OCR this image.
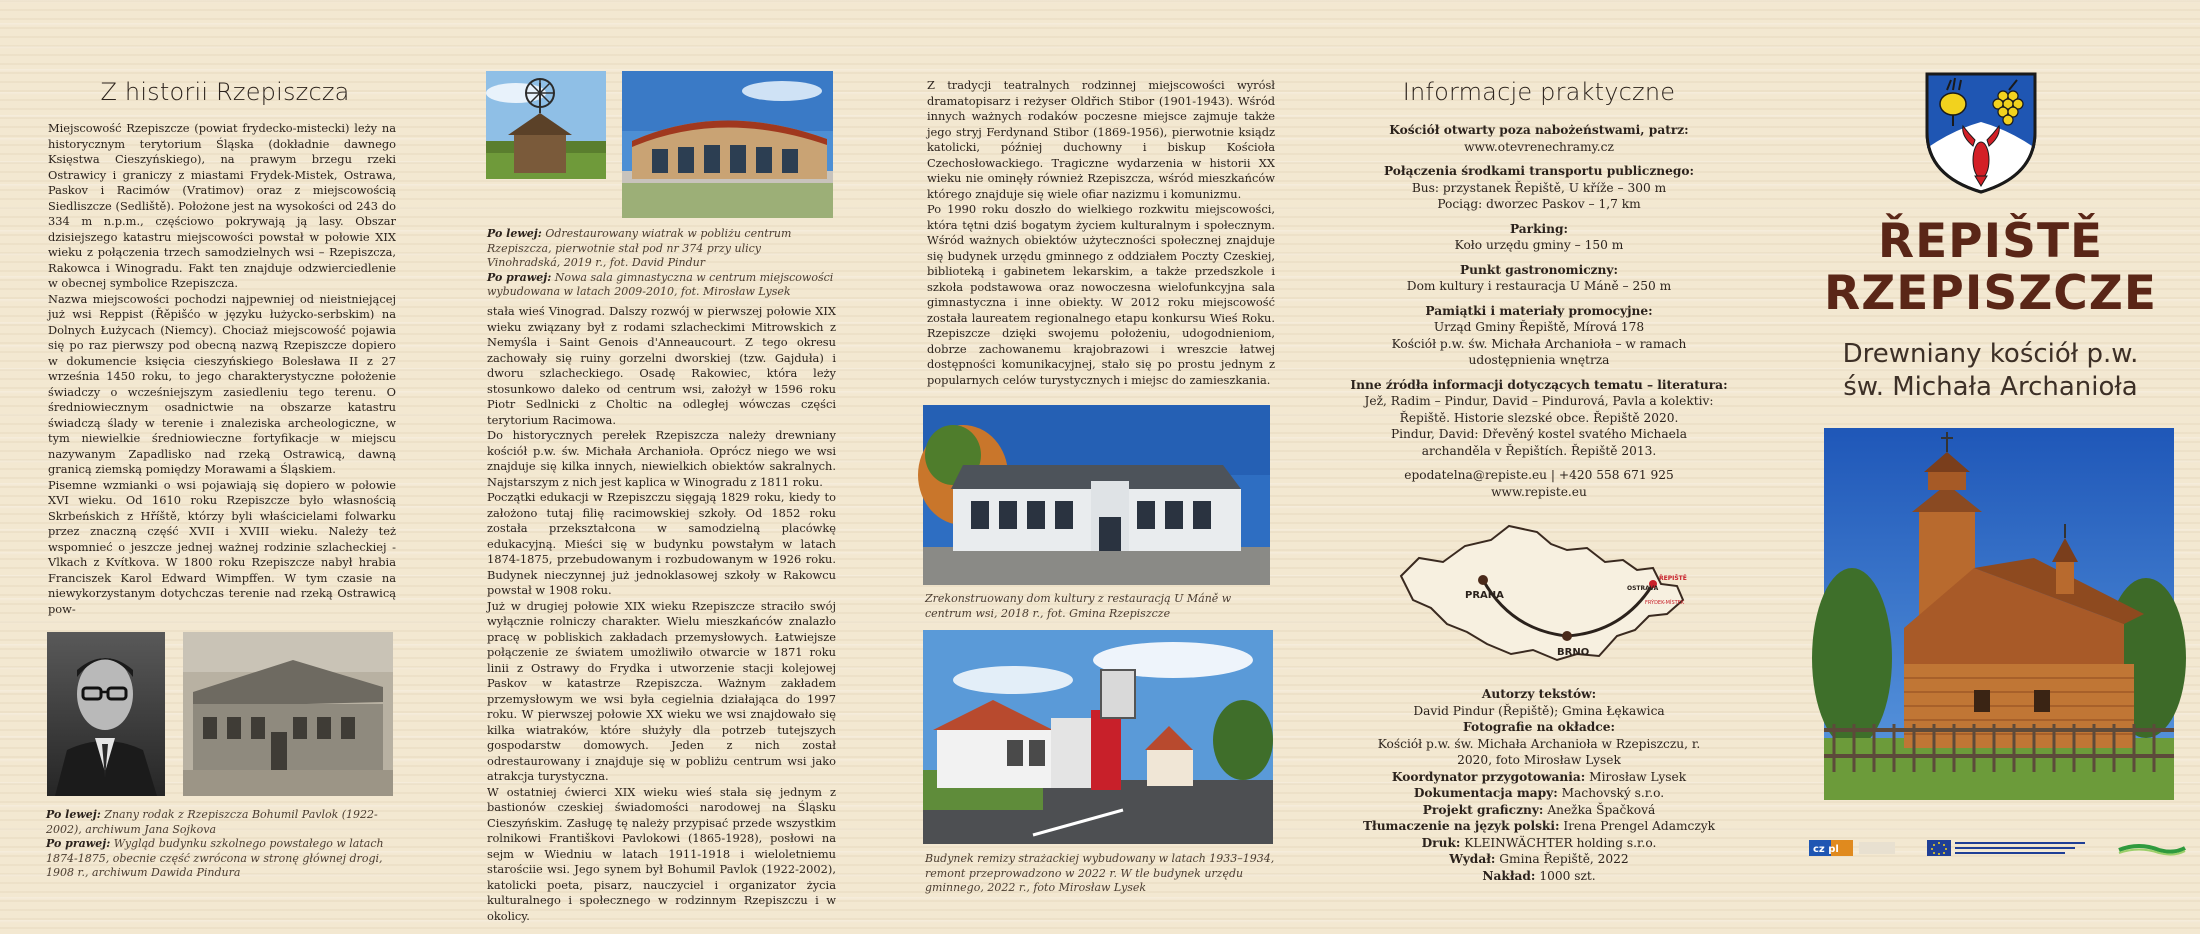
Z historii Rzepiszcza

Miejscowość Rzepiszcze (powiat frydecko-mistecki) leży na historycznym terytorium Śląska (dokładnie dawnego Księstwa Cieszyńskiego), na prawym brzegu rzeki Ostrawicy i graniczy z miastami Frydek-Mistek, Ostrawa, Paskov i Racimów (Vratimov) oraz z miejscowością Siedliszcze (Sedliště). Położone jest na wysokości od 243 do 334 m n.p.m., częściowo pokrywają ją lasy. Obszar dzisiejszego katastru miejscowości powstał w połowie XIX wieku z połączenia trzech samodzielnych wsi – Rzepiszcza, Rakowca i Winogradu. Fakt ten znajduje odzwierciedlenie w obecnej symbolice Rzepiszcza.

Nazwa miejscowości pochodzi najpewniej od nieistniejącej już wsi Reppist (Řěpišćo w języku łużycko-serbskim) na Dolnych Łużycach (Niemcy). Chociaż miejscowość pojawia się po raz pierwszy pod obecną nazwą Rzepiszcze dopiero w dokumencie księcia cieszyńskiego Bolesława II z 27 września 1450 roku, to jego charakterystyczne położenie świadczy o wcześniejszym zasiedleniu tego terenu. O średniowiecznym osadnictwie na obszarze katastru świadczą ślady w terenie i znaleziska archeologiczne, w tym niewielkie średniowieczne fortyfikacje w miejscu nazywanym Zapadlisko nad rzeką Ostrawicą, dawną granicą ziemską pomiędzy Morawami a Śląskiem.

Pisemne wzmianki o wsi pojawiają się dopiero w połowie XVI wieku. Od 1610 roku Rzepiszcze było własnością Skrbeńskich z Hříště, którzy byli właścicielami folwarku przez znaczną część XVII i XVIII wieku. Należy też wspomnieć o jeszcze jednej ważnej rodzinie szlacheckiej - Vlkach z Kvítkova. W 1800 roku Rzepiszcze nabył hrabia Franciszek Karol Edward Wimpffen. W tym czasie na niewykorzystanym dotychczas terenie nad rzeką Ostrawicą pow-

Po lewej: Znany rodak z Rzepiszcza Bohumil Pavlok (1922-2002), archiwum Jana Sojkova
Po prawej: Wygląd budynku szkolnego powstałego w latach 1874-1875, obecnie część zwrócona w stronę głównej drogi, 1908 r., archiwum Dawida Pindura
Po lewej: Odrestaurowany wiatrak w pobliżu centrum Rzepiszcza, pierwotnie stał pod nr 374 przy ulicy Vinohradská, 2019 r., fot. David Pindur
Po prawej: Nowa sala gimnastyczna w centrum miejscowości wybudowana w latach 2009-2010, fot. Mirosław Lysek

stała wieś Vinograd. Dalszy rozwój w pierwszej połowie XIX wieku związany był z rodami szlacheckimi Mitrowskich z Nemyśla i Saint Genois d'Anneaucourt. Z tego okresu zachowały się ruiny gorzelni dworskiej (tzw. Gajduła) i dworu szlacheckiego. Osadę Rakowiec, która leży stosunkowo daleko od centrum wsi, założył w 1596 roku Piotr Sedlnicki z Choltic na odległej wówczas części terytorium Racimowa.

Do historycznych perełek Rzepiszcza należy drewniany kościół p.w. św. Michała Archanioła. Oprócz niego we wsi znajduje się kilka innych, niewielkich obiektów sakralnych. Najstarszym z nich jest kaplica w Winogradu z 1811 roku.

Początki edukacji w Rzepiszczu sięgają 1829 roku, kiedy to założono tutaj filię racimowskiej szkoły. Od 1852 roku została przekształcona w samodzielną placówkę edukacyjną. Mieści się w budynku powstałym w latach 1874-1875, przebudowanym i rozbudowanym w 1926 roku. Budynek nieczynnej już jednoklasowej szkoły w Rakowcu powstał w 1908 roku.

Już w drugiej połowie XIX wieku Rzepiszcze straciło swój wyłącznie rolniczy charakter. Wielu mieszkańców znalazło pracę w pobliskich zakładach przemysłowych. Łatwiejsze połączenie ze światem umożliwiło otwarcie w 1871 roku linii z Ostrawy do Frydka i utworzenie stacji kolejowej Paskov w katastrze Rzepiszcza. Ważnym zakładem przemysłowym we wsi była cegielnia działająca do 1997 roku. W pierwszej połowie XX wieku we wsi znajdowało się kilka wiatraków, które służyły dla potrzeb tutejszych gospodarstw domowych. Jeden z nich został odrestaurowany i znajduje się w pobliżu centrum wsi jako atrakcja turystyczna.

W ostatniej ćwierci XIX wieku wieś stała się jednym z bastionów czeskiej świadomości narodowej na Śląsku Cieszyńskim. Zasługę tę należy przypisać przede wszystkim rolnikowi Františkovi Pavlokowi (1865-1928), posłowi na sejm w Wiedniu w latach 1911-1918 i wieloletniemu starościie wsi. Jego synem był Bohumil Pavlok (1922-2002), katolicki poeta, pisarz, nauczyciel i organizator życia kulturalnego i społecznego w rodzinnym Rzepiszczu i w okolicy.

Z tradycji teatralnych rodzinnej miejscowości wyrósł dramatopisarz i reżyser Oldřich Stibor (1901-1943). Wśród innych ważnych rodaków poczesne miejsce zajmuje także jego stryj Ferdynand Stibor (1869-1956), pierwotnie ksiądz katolicki, później duchowny i biskup Kościoła Czechosłowackiego. Tragiczne wydarzenia w historii XX wieku nie ominęły również Rzepiszcza, wśród mieszkańców którego znajduje się wiele ofiar nazizmu i komunizmu.

Po 1990 roku doszło do wielkiego rozkwitu miejscowości, która tętni dziś bogatym życiem kulturalnym i społecznym. Wśród ważnych obiektów użyteczności społecznej znajduje się budynek urzędu gminnego z oddziałem Poczty Czeskiej, biblioteką i gabinetem lekarskim, a także przedszkole i szkoła podstawowa oraz nowoczesna wielofunkcyjna sala gimnastyczna i inne obiekty. W 2012 roku miejscowość została laureatem regionalnego etapu konkursu Wieś Roku. Rzepiszcze dzięki swojemu położeniu, udogodnieniom, dobrze zachowanemu krajobrazowi i wreszcie łatwej dostępności komunikacyjnej, stało się po prostu jednym z popularnych celów turystycznych i miejsc do zamieszkania.

Zrekonstruowany dom kultury z restauracją U Máně w centrum wsi, 2018 r., fot. Gmina Rzepiszcze
Budynek remizy strażackiej wybudowany w latach 1933–1934, remont przeprowadzono w 2022 r. W tle budynek urzędu gminnego, 2022 r., foto Mirosław Lysek
Informacje praktyczne
Kościół otwarty poza nabożeństwami, patrz:
www.otevrenechramy.cz
Połączenia środkami transportu publicznego:
Bus: przystanek Řepiště, U křížе – 300 m
Pociąg: dworzec Paskov – 1,7 km
Parking:
Koło urzędu gminy – 150 m
Punkt gastronomiczny:
Dom kultury i restauracja U Máně – 250 m
Pamiątki i materiały promocyjne:
Urząd Gminy Řepiště, Mírová 178
Kościół p.w. św. Michała Archanioła – w ramach udostępnienia wnętrza
Inne źródła informacji dotyczących tematu – literatura:
Jež, Radim – Pindur, David – Pindurová, Pavla a kolektiv: Řepiště. Historie slezské obce. Řepiště 2020.
Pindur, David: Dřevěný kostel svatého Michaela archanděla v Řepištích. Řepiště 2013.
epodatelna@repiste.eu | +420 558 671 925
www.repiste.eu
PRAHA
BRNO
OSTRAVA
ŘEPIŠTĚ
FRÝDEK-MÍSTEK
Autorzy tekstów:
David Pindur (Řepiště); Gmina Łękawica
Fotografie na okładce:
Kościół p.w. św. Michała Archanioła w Rzepiszczu, r. 2020, foto Mirosław Lysek
Koordynator przygotowania: Mirosław Lysek
Dokumentacja mapy: Machovský s.r.o.
Projekt graficzny: Anežka Špačková
Tłumaczenie na język polski: Irena Prengel Adamczyk
Druk: KLEINWÄCHTER holding s.r.o.
Wydał: Gmina Řepiště, 2022
Nakład: 1000 szt.
ŘEPIŠTĚ
RZEPISZCZE
Drewniany kościół p.w.
św. Michała Archanioła
cz pl
